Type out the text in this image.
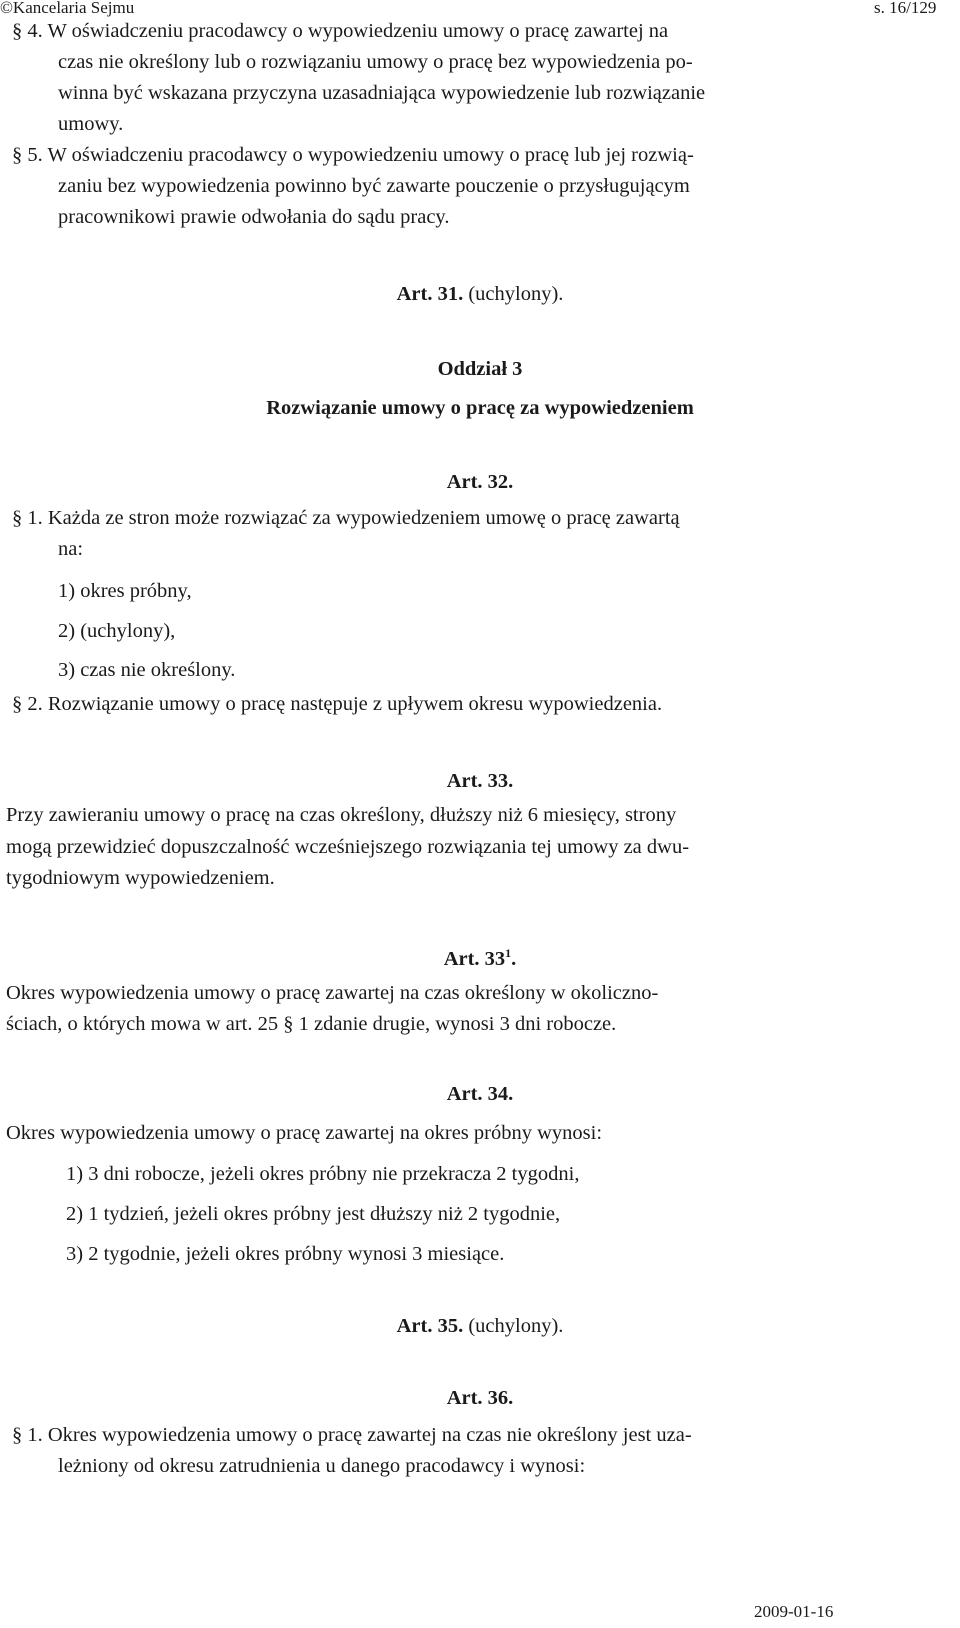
©Kancelaria Sejmu	s. 16/129
§ 4. W oświadczeniu pracodawcy o wypowiedzeniu umowy o pracę zawartej na
czas nie określony lub o rozwiązaniu umowy o pracę bez wypowiedzenia po-
winna być wskazana przyczyna uzasadniająca wypowiedzenie lub rozwiązanie
umowy.
§ 5. W oświadczeniu pracodawcy o wypowiedzeniu umowy o pracę lub jej rozwią-
zaniu bez wypowiedzenia powinno być zawarte pouczenie o przysługującym
pracownikowi prawie odwołania do sądu pracy.
Art. 31. (uchylony).
Oddział 3
Rozwiązanie umowy o pracę za wypowiedzeniem
Art. 32.
§ 1. Każda ze stron może rozwiązać za wypowiedzeniem umowę o pracę zawartą
na:
1) okres próbny,
2) (uchylony),
3) czas nie określony.
§ 2. Rozwiązanie umowy o pracę następuje z upływem okresu wypowiedzenia.
Art. 33.
Przy zawieraniu umowy o pracę na czas określony, dłuższy niż 6 miesięcy, strony
mogą przewidzieć dopuszczalność wcześniejszego rozwiązania tej umowy za dwu-
tygodniowym wypowiedzeniem.
Art. $33^1$.
Okres wypowiedzenia umowy o pracę zawartej na czas określony w okoliczno-
ściach, o których mowa w art. 25 § 1 zdanie drugie, wynosi 3 dni robocze.
Art. 34.
Okres wypowiedzenia umowy o pracę zawartej na okres próbny wynosi:
1) 3 dni robocze, jeżeli okres próbny nie przekracza 2 tygodni,
2) 1 tydzień, jeżeli okres próbny jest dłuższy niż 2 tygodnie,
3) 2 tygodnie, jeżeli okres próbny wynosi 3 miesiące.
Art. 35. (uchylony).
Art. 36.
§ 1. Okres wypowiedzenia umowy o pracę zawartej na czas nie określony jest uza-
leżniony od okresu zatrudnienia u danego pracodawcy i wynosi:
2009-01-16
